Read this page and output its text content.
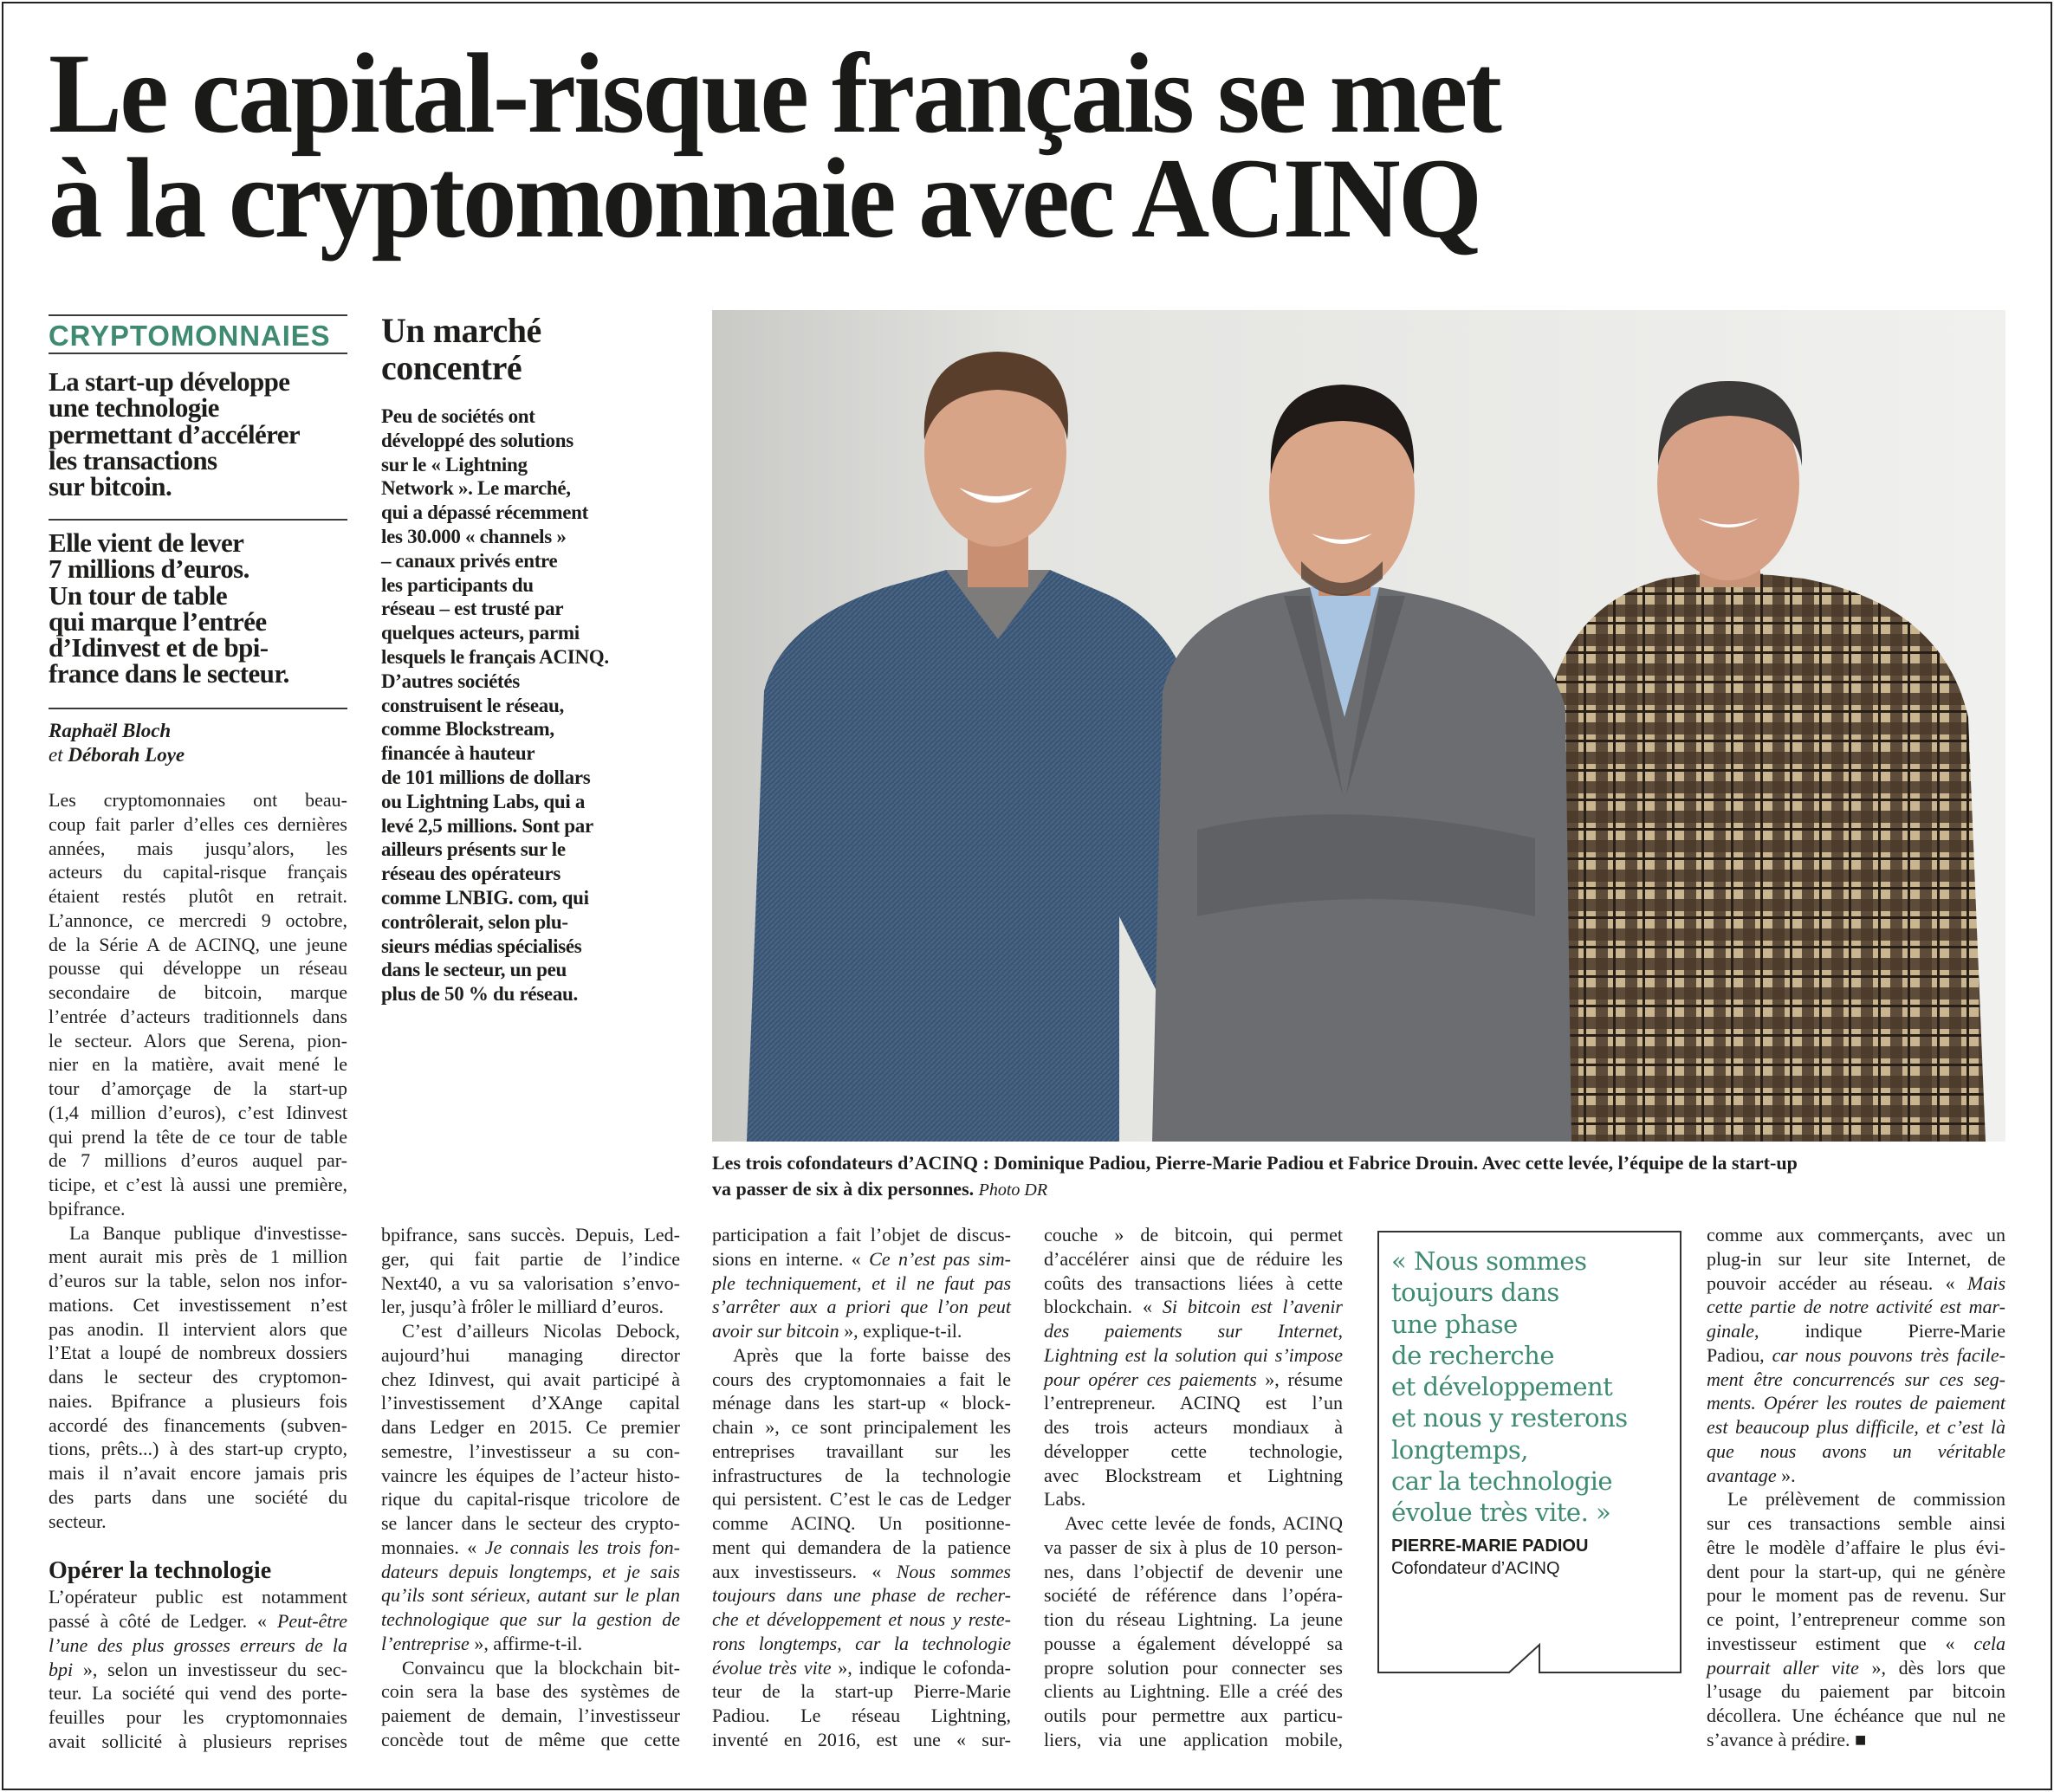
Le capital-risque français se met
à la cryptomonnaie avec ACINQ
CRYPTOMONNAIES
La start-up développe
une technologie
permettant d’accélérer
les transactions
sur bitcoin.
Elle vient de lever
7 millions d’euros.
Un tour de table
qui marque l’entrée
d’Idinvest et de bpi-
france dans le secteur.
Raphaël Bloch
et Déborah Loye
Les cryptomonnaies ont beau-
coup fait parler d’elles ces dernières
années, mais jusqu’alors, les
acteurs du capital-risque français
étaient restés plutôt en retrait.
L’annonce, ce mercredi 9 octobre,
de la Série A de ACINQ, une jeune
pousse qui développe un réseau
secondaire de bitcoin, marque
l’entrée d’acteurs traditionnels dans
le secteur. Alors que Serena, pion-
nier en la matière, avait mené le
tour d’amorçage de la start-up
(1,4 million d’euros), c’est Idinvest
qui prend la tête de ce tour de table
de 7 millions d’euros auquel par-
ticipe, et c’est là aussi une première,
bpifrance.
La Banque publique d'investisse-
ment aurait mis près de 1 million
d’euros sur la table, selon nos infor-
mations. Cet investissement n’est
pas anodin. Il intervient alors que
l’Etat a loupé de nombreux dossiers
dans le secteur des cryptomon-
naies. Bpifrance a plusieurs fois
accordé des financements (subven-
tions, prêts...) à des start-up crypto,
mais il n’avait encore jamais pris
des parts dans une société du
secteur.
Opérer la technologie
L’opérateur public est notamment
passé à côté de Ledger. « Peut-être
l’une des plus grosses erreurs de la
bpi », selon un investisseur du sec-
teur. La société qui vend des porte-
feuilles pour les cryptomonnaies
avait sollicité à plusieurs reprises
Un marché
concentré
Peu de sociétés ont
développé des solutions
sur le « Lightning
Network ». Le marché,
qui a dépassé récemment
les 30.000 « channels »
– canaux privés entre
les participants du
réseau – est trusté par
quelques acteurs, parmi
lesquels le français ACINQ.
D’autres sociétés
construisent le réseau,
comme Blockstream,
financée à hauteur
de 101 millions de dollars
ou Lightning Labs, qui a
levé 2,5 millions. Sont par
ailleurs présents sur le
réseau des opérateurs
comme LNBIG. com, qui
contrôlerait, selon plu-
sieurs médias spécialisés
dans le secteur, un peu
plus de 50 % du réseau.
Les trois cofondateurs d’ACINQ : Dominique Padiou, Pierre-Marie Padiou et Fabrice Drouin. Avec cette levée, l’équipe de la start-up
va passer de six à dix personnes. Photo DR
bpifrance, sans succès. Depuis, Led-
ger, qui fait partie de l’indice
Next40, a vu sa valorisation s’envo-
ler, jusqu’à frôler le milliard d’euros.
C’est d’ailleurs Nicolas Debock,
aujourd’hui managing director
chez Idinvest, qui avait participé à
l’investissement d’XAnge capital
dans Ledger en 2015. Ce premier
semestre, l’investisseur a su con-
vaincre les équipes de l’acteur histo-
rique du capital-risque tricolore de
se lancer dans le secteur des crypto-
monnaies. « Je connais les trois fon-
dateurs depuis longtemps, et je sais
qu’ils sont sérieux, autant sur le plan
technologique que sur la gestion de
l’entreprise », affirme-t-il.
Convaincu que la blockchain bit-
coin sera la base des systèmes de
paiement de demain, l’investisseur
concède tout de même que cette
participation a fait l’objet de discus-
sions en interne. « Ce n’est pas sim-
ple techniquement, et il ne faut pas
s’arrêter aux a priori que l’on peut
avoir sur bitcoin », explique-t-il.
Après que la forte baisse des
cours des cryptomonnaies a fait le
ménage dans les start-up « block-
chain », ce sont principalement les
entreprises travaillant sur les
infrastructures de la technologie
qui persistent. C’est le cas de Ledger
comme ACINQ. Un positionne-
ment qui demandera de la patience
aux investisseurs. « Nous sommes
toujours dans une phase de recher-
che et développement et nous y reste-
rons longtemps, car la technologie
évolue très vite », indique le cofonda-
teur de la start-up Pierre-Marie
Padiou. Le réseau Lightning,
inventé en 2016, est une « sur-
couche » de bitcoin, qui permet
d’accélérer ainsi que de réduire les
coûts des transactions liées à cette
blockchain. « Si bitcoin est l’avenir
des paiements sur Internet,
Lightning est la solution qui s’impose
pour opérer ces paiements », résume
l’entrepreneur. ACINQ est l’un
des trois acteurs mondiaux à
développer cette technologie,
avec Blockstream et Lightning
Labs.
Avec cette levée de fonds, ACINQ
va passer de six à plus de 10 person-
nes, dans l’objectif de devenir une
société de référence dans l’opéra-
tion du réseau Lightning. La jeune
pousse a également développé sa
propre solution pour connecter ses
clients au Lightning. Elle a créé des
outils pour permettre aux particu-
liers, via une application mobile,
« Nous sommes
toujours dans
une phase
de recherche
et développement
et nous y resterons
longtemps,
car la technologie
évolue très vite. »
PIERRE-MARIE PADIOU
Cofondateur d’ACINQ
comme aux commerçants, avec un
plug-in sur leur site Internet, de
pouvoir accéder au réseau. « Mais
cette partie de notre activité est mar-
ginale, indique Pierre-Marie
Padiou, car nous pouvons très facile-
ment être concurrencés sur ces seg-
ments. Opérer les routes de paiement
est beaucoup plus difficile, et c’est là
que nous avons un véritable
avantage ».
Le prélèvement de commission
sur ces transactions semble ainsi
être le modèle d’affaire le plus évi-
dent pour la start-up, qui ne génère
pour le moment pas de revenu. Sur
ce point, l’entrepreneur comme son
investisseur estiment que « cela
pourrait aller vite », dès lors que
l’usage du paiement par bitcoin
décollera. Une échéance que nul ne
s’avance à prédire. ■
